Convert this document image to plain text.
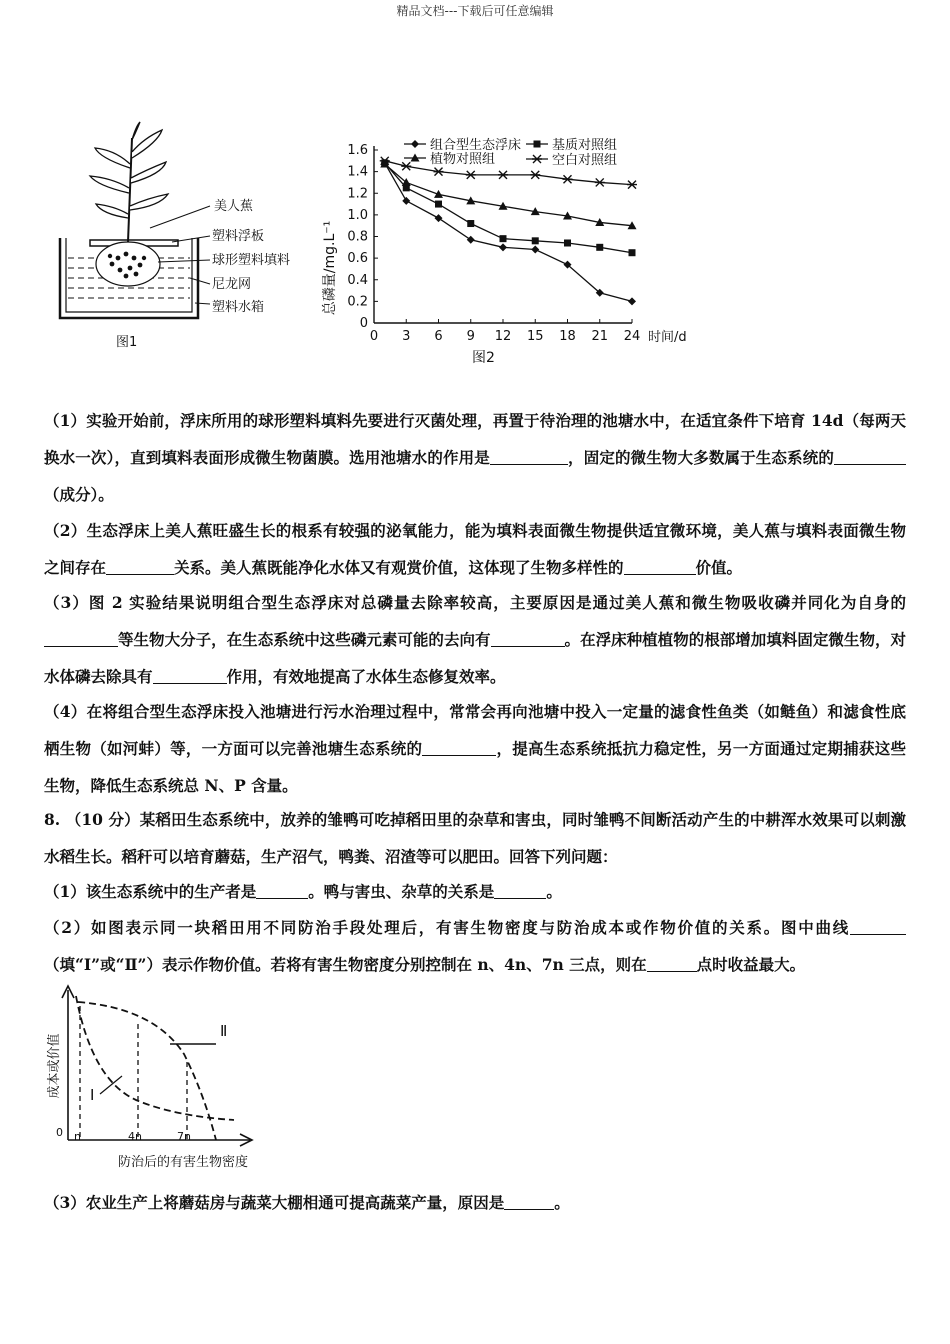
精品文档---下载后可任意编辑
美人蕉
塑料浮板
球形塑料填料
尼龙网
塑料水箱
图1
总磷量/mg.L⁻¹
0
0.2
0.4
0.6
0.8
1.0
1.2
1.4
1.6
0 3 6 9 12 15 18 21 24
组合型生态浮床 基质对照组
植物对照组	空白对照组
时间/d
图2

（1）实验开始前，浮床所用的球形塑料填料先要进行灭菌处理，再置于待治理的池塘水中，在适宜条件下培育 14d（每两天换水一次），直到填料表面形成微生物菌膜。选用池塘水的作用是	，固定的微生物大多数属于生态系统的（成分）。

（2）生态浮床上美人蕉旺盛生长的根系有较强的泌氧能力，能为填料表面微生物提供适宜微环境，美人蕉与填料表面微生物之间存在	关系。美人蕉既能净化水体又有观赏价值，这体现了生物多样性的	价值。

（3）图 2 实验结果说明组合型生态浮床对总磷量去除率较高，主要原因是通过美人蕉和微生物吸收磷并同化为自身的等生物大分子，在生态系统中这些磷元素可能的去向有	。在浮床种植植物的根部增加填料固定微生物，对水体磷去除具有	作用，有效地提高了水体生态修复效率。

（4）在将组合型生态浮床投入池塘进行污水治理过程中，常常会再向池塘中投入一定量的滤食性鱼类（如鲢鱼）和滤食性底栖生物（如河蚌）等，一方面可以完善池塘生态系统的	，提高生态系统抵抗力稳定性，另一方面通过定期捕获这些生物，降低生态系统总 N、P 含量。

8. （10 分）某稻田生态系统中，放养的雏鸭可吃掉稻田里的杂草和害虫，同时雏鸭不间断活动产生的中耕浑水效果可以刺激水稻生长。稻秆可以培育蘑菇，生产沼气，鸭粪、沼渣等可以肥田。回答下列问题：

（1）该生态系统中的生产者是	。鸭与害虫、杂草的关系是	。

（2）如图表示同一块稻田用不同防治手段处理后，有害生物密度与防治成本或作物价值的关系。图中曲线（填“Ⅰ”或“Ⅱ”）表示作物价值。若将有害生物密度分别控制在 n、4n、7n 三点，则在	点时收益最大。

成本或价值
Ⅱ
Ⅰ
0 n	4n	7n
防治后的有害生物密度

（3）农业生产上将蘑菇房与蔬菜大棚相通可提高蔬菜产量，原因是	。
